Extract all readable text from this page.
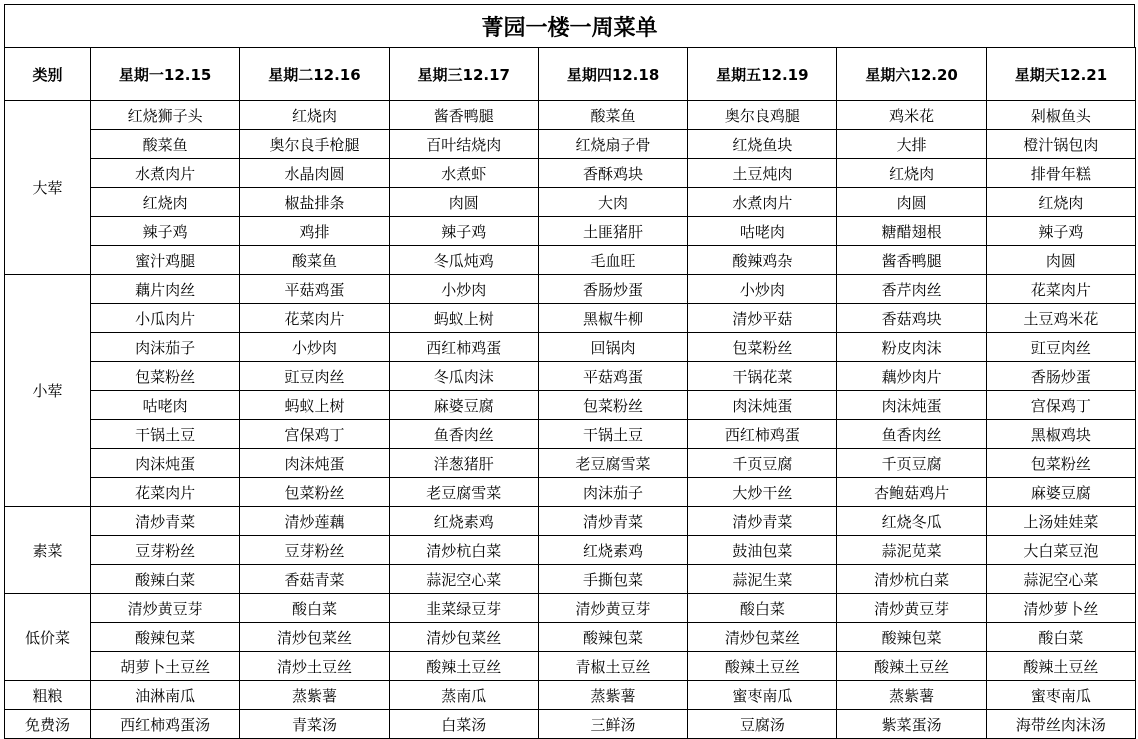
菁园一楼一周菜单
类别	星期一12.15	星期二12.16	星期三12.17	星期四12.18	星期五12.19	星期六12.20	星期天12.21
大荤	红烧狮子头	红烧肉	酱香鸭腿	酸菜鱼	奥尔良鸡腿	鸡米花	剁椒鱼头
	酸菜鱼	奥尔良手枪腿	百叶结烧肉	红烧扇子骨	红烧鱼块	大排	橙汁锅包肉
	水煮肉片	水晶肉圆	水煮虾	香酥鸡块	土豆炖肉	红烧肉	排骨年糕
	红烧肉	椒盐排条	肉圆	大肉	水煮肉片	肉圆	红烧肉
	辣子鸡	鸡排	辣子鸡	土匪猪肝	咕咾肉	糖醋翅根	辣子鸡
	蜜汁鸡腿	酸菜鱼	冬瓜炖鸡	毛血旺	酸辣鸡杂	酱香鸭腿	肉圆
小荤	藕片肉丝	平菇鸡蛋	小炒肉	香肠炒蛋	小炒肉	香芹肉丝	花菜肉片
	小瓜肉片	花菜肉片	蚂蚁上树	黑椒牛柳	清炒平菇	香菇鸡块	土豆鸡米花
	肉沫茄子	小炒肉	西红柿鸡蛋	回锅肉	包菜粉丝	粉皮肉沫	豇豆肉丝
	包菜粉丝	豇豆肉丝	冬瓜肉沫	平菇鸡蛋	干锅花菜	藕炒肉片	香肠炒蛋
	咕咾肉	蚂蚁上树	麻婆豆腐	包菜粉丝	肉沫炖蛋	肉沫炖蛋	宫保鸡丁
	干锅土豆	宫保鸡丁	鱼香肉丝	干锅土豆	西红柿鸡蛋	鱼香肉丝	黑椒鸡块
	肉沫炖蛋	肉沫炖蛋	洋葱猪肝	老豆腐雪菜	千页豆腐	千页豆腐	包菜粉丝
	花菜肉片	包菜粉丝	老豆腐雪菜	肉沫茄子	大炒干丝	杏鲍菇鸡片	麻婆豆腐
素菜	清炒青菜	清炒莲藕	红烧素鸡	清炒青菜	清炒青菜	红烧冬瓜	上汤娃娃菜
	豆芽粉丝	豆芽粉丝	清炒杭白菜	红烧素鸡	鼓油包菜	蒜泥苋菜	大白菜豆泡
	酸辣白菜	香菇青菜	蒜泥空心菜	手撕包菜	蒜泥生菜	清炒杭白菜	蒜泥空心菜
低价菜	清炒黄豆芽	酸白菜	韭菜绿豆芽	清炒黄豆芽	酸白菜	清炒黄豆芽	清炒萝卜丝
	酸辣包菜	清炒包菜丝	清炒包菜丝	酸辣包菜	清炒包菜丝	酸辣包菜	酸白菜
	胡萝卜土豆丝	清炒土豆丝	酸辣土豆丝	青椒土豆丝	酸辣土豆丝	酸辣土豆丝	酸辣土豆丝
粗粮	油淋南瓜	蒸紫薯	蒸南瓜	蒸紫薯	蜜枣南瓜	蒸紫薯	蜜枣南瓜
免费汤	西红柿鸡蛋汤	青菜汤	白菜汤	三鲜汤	豆腐汤	紫菜蛋汤	海带丝肉沫汤
